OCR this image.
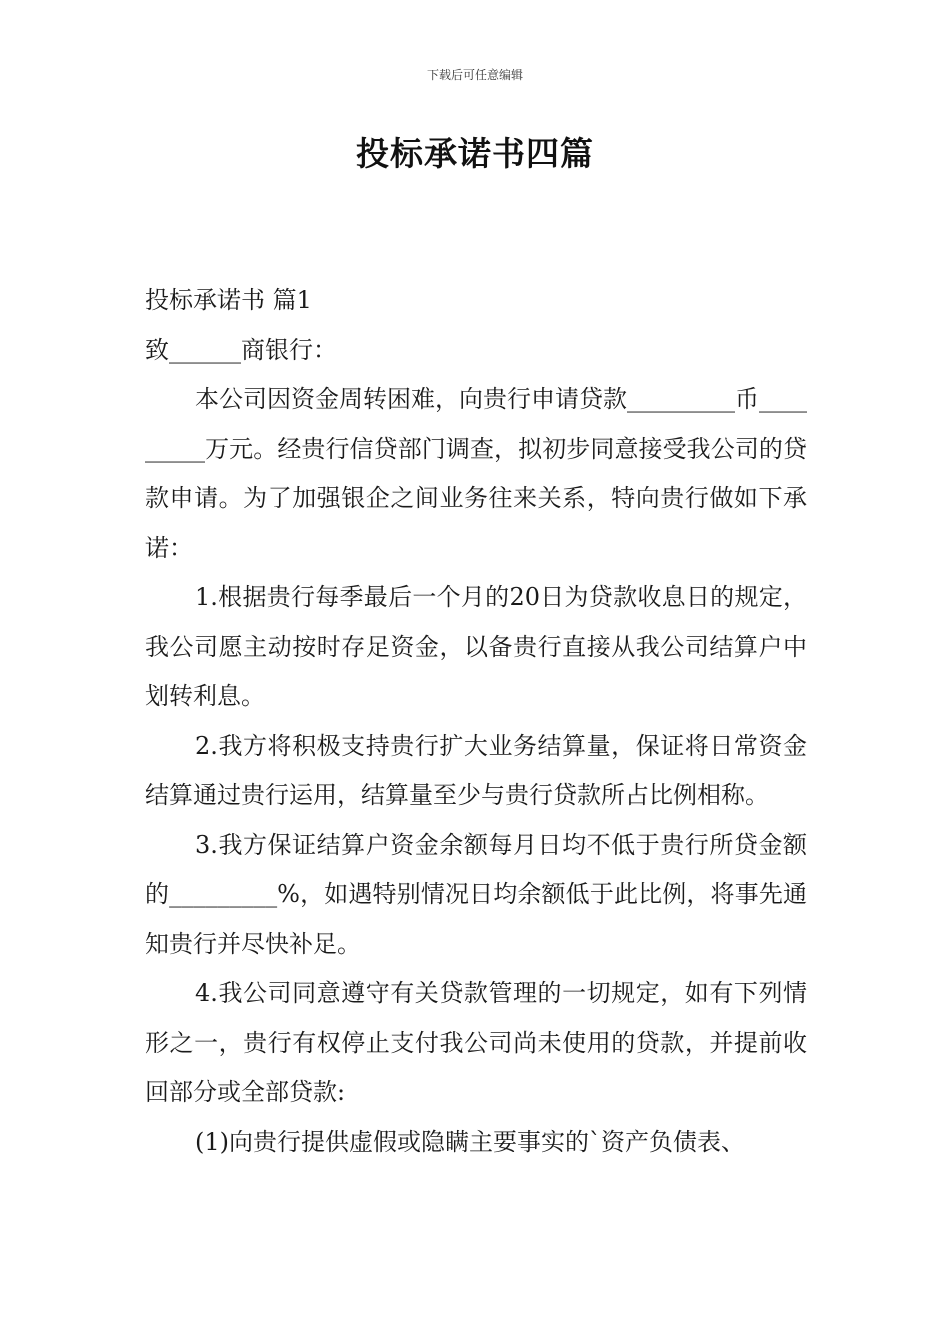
下载后可任意编辑
投标承诺书四篇

投标承诺书 篇1

致______商银行：

本公司因资金周转困难，向贵行申请贷款_________币_________万元。经贵行信贷部门调查，拟初步同意接受我公司的贷款申请。为了加强银企之间业务往来关系，特向贵行做如下承诺：

1.根据贵行每季最后一个月的20日为贷款收息日的规定，我公司愿主动按时存足资金，以备贵行直接从我公司结算户中划转利息。

2.我方将积极支持贵行扩大业务结算量，保证将日常资金结算通过贵行运用，结算量至少与贵行贷款所占比例相称。

3.我方保证结算户资金余额每月日均不低于贵行所贷金额的_________%，如遇特别情况日均余额低于此比例，将事先通知贵行并尽快补足。

4.我公司同意遵守有关贷款管理的一切规定，如有下列情形之一，贵行有权停止支付我公司尚未使用的贷款，并提前收回部分或全部贷款:

(1)向贵行提供虚假或隐瞒主要事实的`资产负债表、
